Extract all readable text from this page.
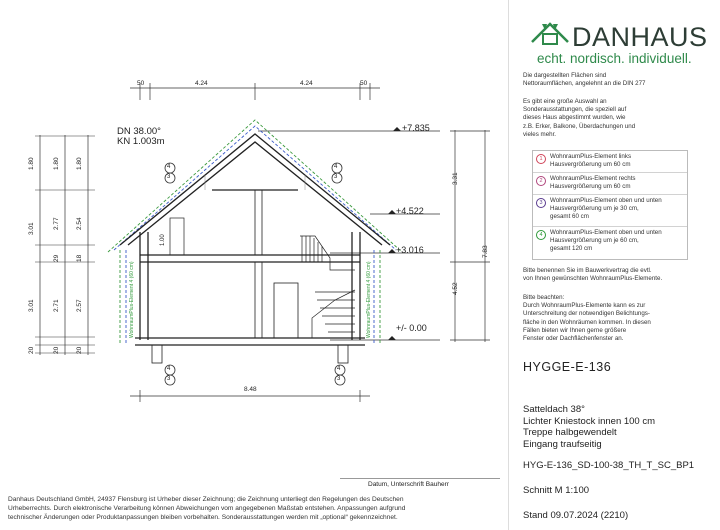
DN 38.00°
KN 1.003m
50	4.24	4.24	50
8.48
+7.835
+4.522
+3.016
+/- 0.00
3.31
4.52
7.83
1.80
3.01
3.01
20
1.80
2.77
29
2.71
20
1.80
2.54
18
2.57
20
1.00
WohnraumPlus-Element 4 (60 cm)	WohnraumPlus-Element 4 (60 cm)
4
3
4
3
4
3
4
3
Datum, Unterschrift Bauherr
Danhaus Deutschland GmbH, 24937 Flensburg ist Urheber dieser Zeichnung; die Zeichnung unterliegt den Regelungen des Deutschen
Urheberrechts. Durch elektronische Verarbeitung können Abweichungen vom angegebenen Maßstab entstehen. Anpassungen aufgrund
technischer Änderungen oder Produktanpassungen bleiben vorbehalten. Sonderausstattungen werden mit „optional“ gekennzeichnet.
DANHAUS
echt. nordisch. individuell.
Die dargestellten Flächen sind
Nettoraumflächen, angelehnt an die DIN 277
Es gibt eine große Auswahl an
Sonderausstattungen, die speziell auf
dieses Haus abgestimmt wurden, wie
z.B. Erker, Balkone, Überdachungen und
vieles mehr.
1	WohnraumPlus-Element links
Hausvergrößerung um 60 cm
2	WohnraumPlus-Element rechts
Hausvergrößerung um 60 cm
3	WohnraumPlus-Element oben und unten
Hausvergrößerung um je 30 cm,
gesamt 60 cm
4	WohnraumPlus-Element oben und unten
Hausvergrößerung um je 60 cm,
gesamt 120 cm
Bitte benennen Sie im Bauwerkvertrag die evtl.
von Ihnen gewünschten WohnraumPlus-Elemente.
Bitte beachten:
Durch WohnraumPlus-Elemente kann es zur
Unterschreitung der notwendigen Belichtungs-
fläche in den Wohnräumen kommen. In diesen
Fällen bieten wir Ihnen gerne größere
Fenster oder Dachflächenfenster an.
HYGGE-E-136
Satteldach 38°
Lichter Kniestock innen 100 cm
Treppe halbgewendelt
Eingang traufseitig
HYG-E-136_SD-100-38_TH_T_SC_BP1
Schnitt M 1:100
Stand 09.07.2024 (2210)
